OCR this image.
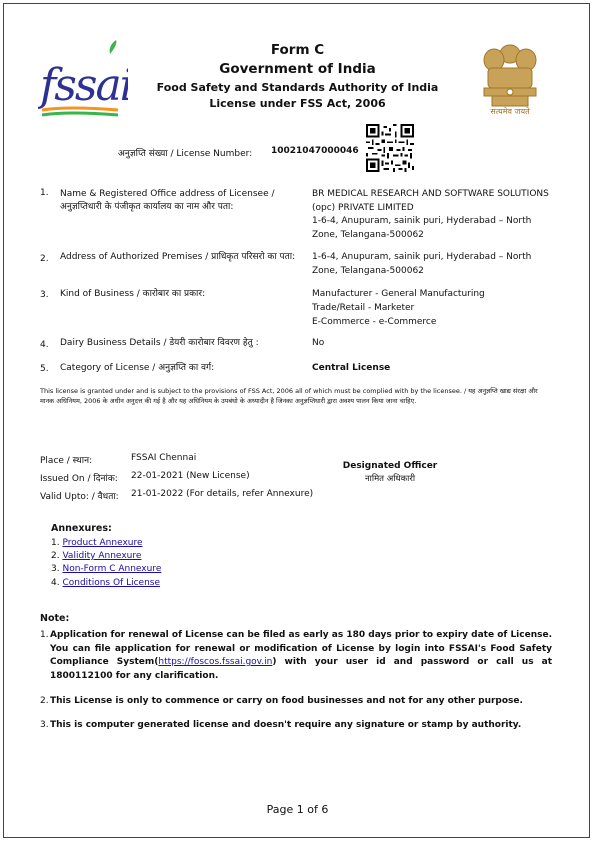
fssai
सत्यमेव जयते
Form C
Government of India
Food Safety and Standards Authority of India
License under FSS Act, 2006
अनुज्ञप्ति संख्या / License Number: 10021047000046
1. Name & Registered Office address of Licensee / अनुज्ञप्तिधारी के पंजीकृत कार्यालय का नाम और पता:
BR MEDICAL RESEARCH AND SOFTWARE SOLUTIONS (opc) PRIVATE LIMITED
1-6-4, Anupuram, sainik puri, Hyderabad – North Zone, Telangana-500062
2. Address of Authorized Premises / प्राधिकृत परिसरो का पता:	1-6-4, Anupuram, sainik puri, Hyderabad – North Zone, Telangana-500062
3. Kind of Business / कारोबार का प्रकार:	Manufacturer - General Manufacturing
Trade/Retail - Marketer
E-Commerce - e-Commerce
4. Dairy Business Details / डेयरी कारोबार विवरण हेतु :	No
5. Category of License / अनुज्ञप्ति का वर्ग:	Central License
This license is granted under and is subject to the provisions of FSS Act, 2006 all of which must be complied with by the licensee. / यह अनुज्ञप्ति खाद्य संरक्षा और मानक अधिनियम, 2006 के अधीन अनुदत्त की गई है और यह अधिनियम के उपबंधो के अध्यादीन है जिनका अनुज्ञप्तिधारी द्वारा अवश्य पालन किया जाना चाहिए.
Place / स्थान:	FSSAI Chennai
Issued On / दिनांक: 22-01-2021 (New License)
Valid Upto: / वैधता: 21-01-2022 (For details, refer Annexure)
Designated Officer
नामित अधिकारी
Annexures:
1. Product Annexure
2. Validity Annexure
3. Non-Form C Annexure
4. Conditions Of License
Note:
1.Application for renewal of License can be filed as early as 180 days prior to expiry date of License. You can file application for renewal or modification of License by login into FSSAI's Food Safety Compliance System(https://foscos.fssai.gov.in) with your user id and password or call us at 1800112100 for any clarification.
2.This License is only to commence or carry on food businesses and not for any other purpose.
3.This is computer generated license and doesn't require any signature or stamp by authority.
Page 1 of 6
